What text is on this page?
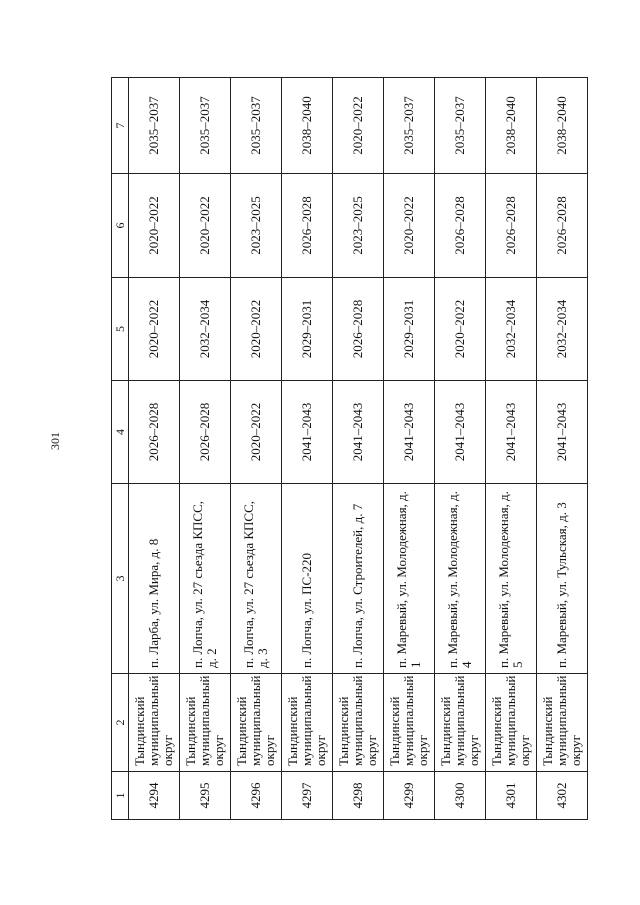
301
1	2	3	4	5	6	7
4294	Тындинский муниципальный округ	п. Ларба, ул. Мира, д. 8	2026–2028	2020–2022	2020–2022	2035–2037
4295	Тындинский муниципальный округ	п. Лопча, ул. 27 съезда КПСС, д. 2	2026–2028	2032–2034	2020–2022	2035–2037
4296	Тындинский муниципальный округ	п. Лопча, ул. 27 съезда КПСС, д. 3	2020–2022	2020–2022	2023–2025	2035–2037
4297	Тындинский муниципальный округ	п. Лопча, ул. ПС-220	2041–2043	2029–2031	2026–2028	2038–2040
4298	Тындинский муниципальный округ	п. Лопча, ул. Строителей, д. 7	2041–2043	2026–2028	2023–2025	2020–2022
4299	Тындинский муниципальный округ	п. Маревый, ул. Молодежная, д. 1	2041–2043	2029–2031	2020–2022	2035–2037
4300	Тындинский муниципальный округ	п. Маревый, ул. Молодежная, д. 4	2041–2043	2020–2022	2026–2028	2035–2037
4301	Тындинский муниципальный округ	п. Маревый, ул. Молодежная, д. 5	2041–2043	2032–2034	2026–2028	2038–2040
4302	Тындинский муниципальный округ	п. Маревый, ул. Тульская, д. 3	2041–2043	2032–2034	2026–2028	2038–2040
